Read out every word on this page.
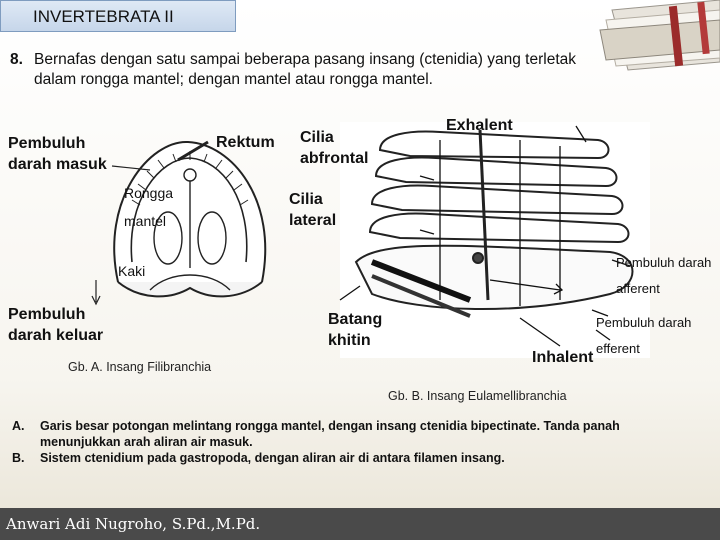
INVERTEBRATA II
8. Bernafas dengan satu sampai beberapa pasang insang (ctenidia) yang terletak
dalam rongga mantel; dengan mantel atau rongga mantel.
Pembuluh
darah masuk
Rektum
Rongga
mantel
Kaki
Pembuluh
darah keluar
Gb. A. Insang Filibranchia
Cilia
abfrontal
Exhalent
Cilia
lateral
Pembuluh darah
afferent
Batang
khitin
Pembuluh darah
efferent
Inhalent
Gb. B. Insang Eulamellibranchia
A.	Garis besar potongan melintang rongga mantel, dengan insang ctenidia bipectinate. Tanda panah menunjukkan arah aliran air masuk.
B.	Sistem ctenidium pada gastropoda, dengan aliran air di antara filamen insang.
Anwari Adi Nugroho, S.Pd.,M.Pd.
